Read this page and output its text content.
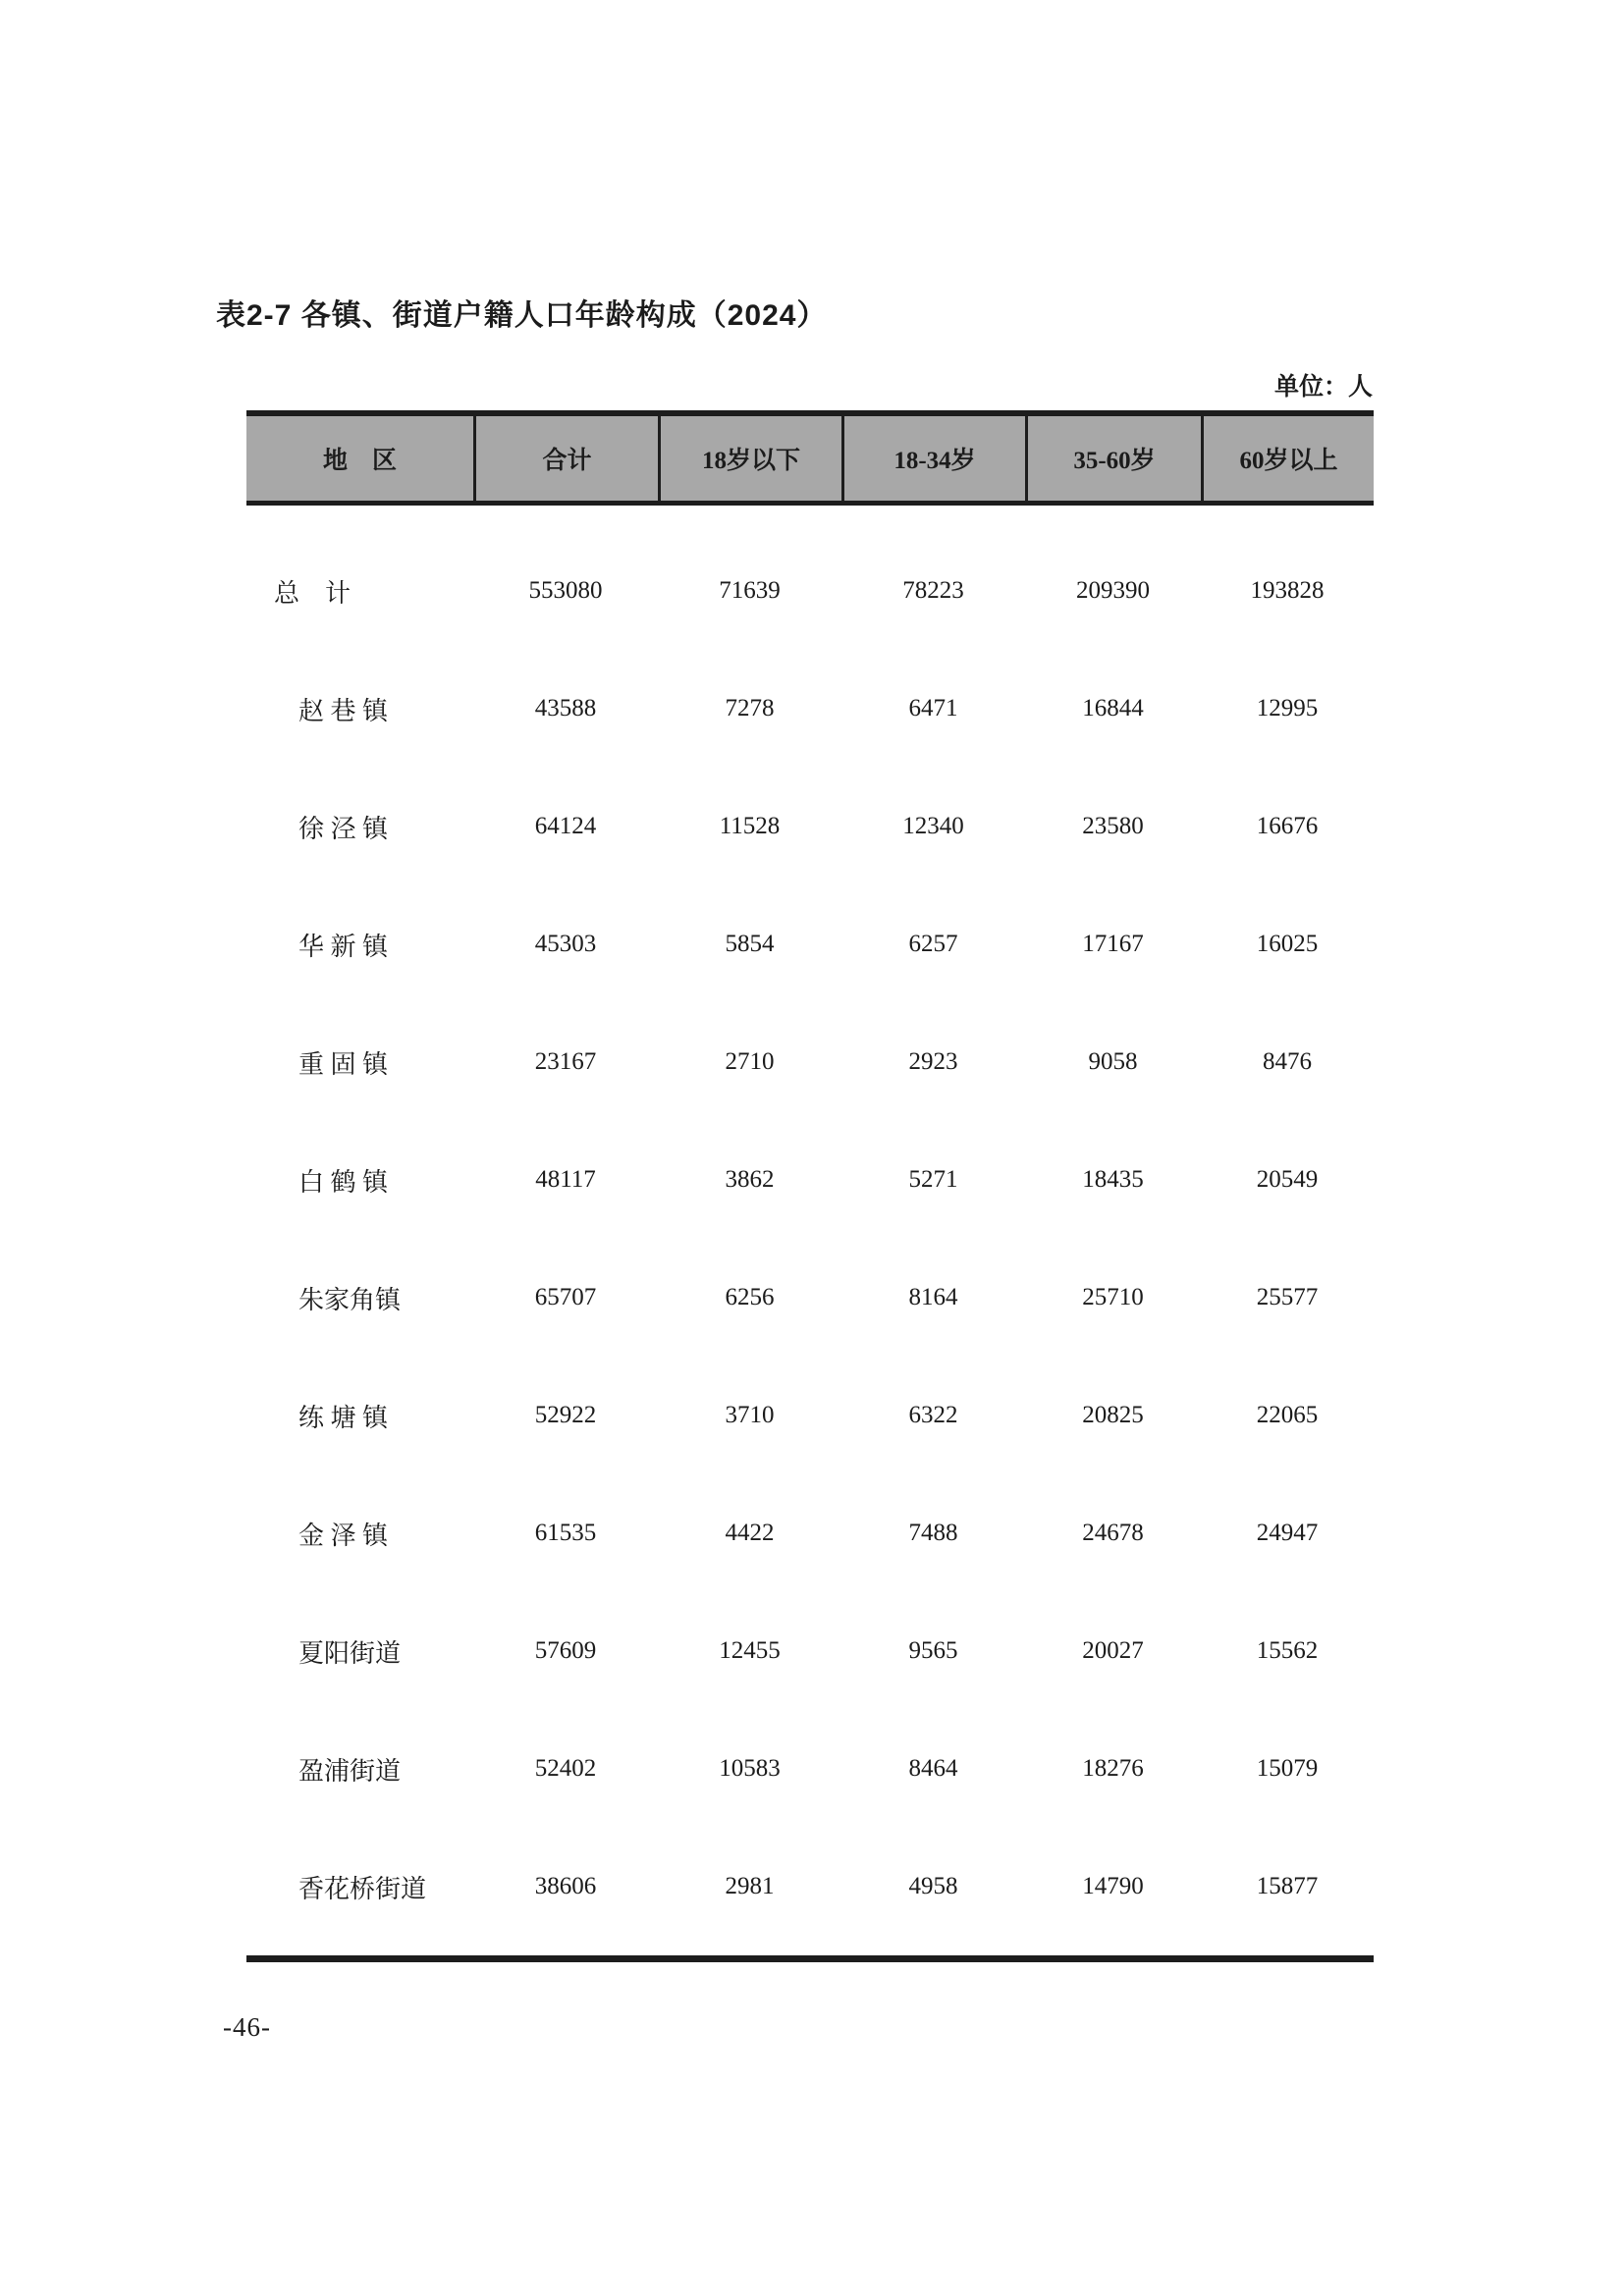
表2-7 各镇、街道户籍人口年龄构成（2024）
单位：人
地　区	合计	18岁以下	18-34岁	35-60岁	60岁以上
总　计	553080	71639	78223	209390	193828
赵 巷 镇	43588	7278	6471	16844	12995
徐 泾 镇	64124	11528	12340	23580	16676
华 新 镇	45303	5854	6257	17167	16025
重 固 镇	23167	2710	2923	9058	8476
白 鹤 镇	48117	3862	5271	18435	20549
朱家角镇	65707	6256	8164	25710	25577
练 塘 镇	52922	3710	6322	20825	22065
金 泽 镇	61535	4422	7488	24678	24947
夏阳街道	57609	12455	9565	20027	15562
盈浦街道	52402	10583	8464	18276	15079
香花桥街道	38606	2981	4958	14790	15877
-46-
